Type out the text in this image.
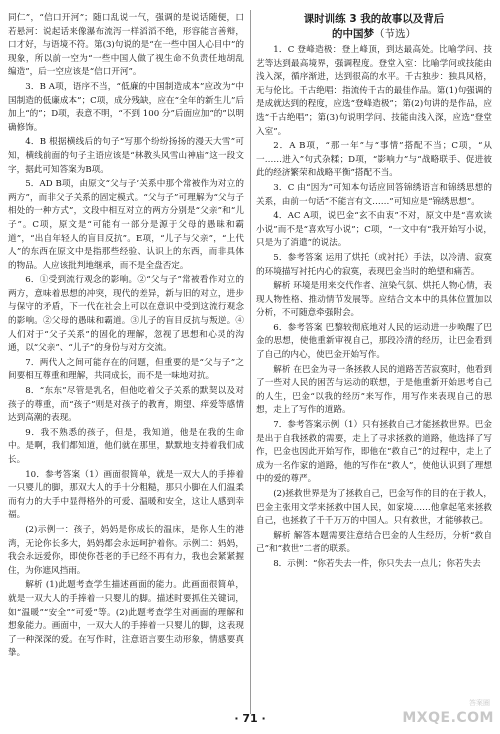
同仁”，“信口开河”；随口乱说一气，强调的是说话随便，口若悬河：说起话来像瀑布流泻一样滔滔不绝，形容能言善辩，口才好，与语境不符。第(3)句说的是“在一些中国人心目中”的现象，所以前一空为“一些中国人做了视生命不负责任地胡乱编造”，后一空应该是“信口开河”。

3．B A项，语序不当，“低廉的中国制造成本”应改为“中国制造的低廉成本”；C项，成分残缺，应在“全年的新生儿”后加上“的”；D项，表意不明，“不到 100 分”后面应加“的”以明确修饰。

4．B 根据横线后的句子“写那个纷纷扬扬的漫天大雪”可知，横线前面的句子主语应该是“林教头风雪山神庙”这一段文字，据此可知答案为B项。

5．AD B项，由原文“父与子’关系中那个常被作为对立的两方”，而非父子关系的固定模式。“父与子”可理解为“父与子相处的一种方式”，文段中相互对立的两方分别是“父亲”和“儿子”。C项，原文是“可能有一部分是源于父母的愚昧和霸道”，“出自年轻人的盲目反抗”。E项，“儿子与父亲”，“上代人”的东西在原文中是指那些经验、认识上的东西，而非具体的物品。人应该批判地继承，而不是全盘否定。

6．①受到流行观念的影响。②“父与子”常被看作对立的两方，意味着思想的冲突，现代的差异，新与旧的对立，进步与保守的矛盾，下一代在社会上可以在意识中受到这流行观念的影响。②父母的愚昧和霸道。③儿子的盲目反抗与叛逆。④人们对于“父子关系”的固化的理解，忽视了思想和心灵的沟通，以“父亲”、“儿子”的身份与对方交流。

7．两代人之间可能存在的问题，但重要的是“父与子”之间要相互尊重和理解，共同成长，而不是一味地对抗。

8．“东东”尽管是乳名，但他吃着父子关系的默契以及对孩子的尊重，而“孩子”则是对孩子的教育，期望、痒爱等感情达到高潮的表现。

9．我不熟悉的孩子，但是，我知道，他是在我的生命中。是啊，我们都知道，他们就在那里，默默地支持着我们成长。

10．参考答案（1）画面很简单，就是一双大人的手捧着一只婴儿的脚，那双大人的手十分粗糙，那只小脚在人们温柔而有力的大手中显得格外的可爱、温暖和安全，这让人感到幸福。

(2)示例一：孩子，妈妈是你成长的温床，是你人生的港湾，无论你长多大，妈妈都会永远呵护着你。示例二：妈妈，我会永远爱你，即使你苍老的手已经不再有力，我也会紧紧握住，为你遮风挡雨。

解析 (1)此题考查学生描述画面的能力。此画面很简单，就是一双大人的手捧着一只婴儿的脚。描述时要抓住关键词，如“温暖”“安全”“可爱”等。(2)此题考查学生对画面的理解和想象能力。画面中，一双大人的手捧着一只婴儿的脚，这表现了一种深深的爱。在写作时，注意语言要生动形象，情感要真挚。

课时训练 3 我的故事以及背后
的中国梦（节选）

1．C 登峰造极：登上峰顶，到达最高处。比喻学问、技艺等达到最高境界，强调程度。登堂入室：比喻学问或技能由浅入深，循序渐进，达到很高的水平。千古独步：独具风格，无与伦比。千古绝唱：指流传千古的最佳作品。第(1)句强调的是成就达到的程度，应选“登峰造极”；第(2)句讲的是作品，应选“千古绝唱”；第(3)句说明学问、技能由浅入深，应选“登堂入室”。

2．A B项，“那一年”与“事情”搭配不当；C项，“从一……进入”句式杂糅；D项，“影响力”与“战略联手、促进彼此的经济繁荣和战略平衡”搭配不当。

3．C 由“因为”可知本句话应回答锦绣语言和锦绣思想的关系，由前一句话“不能言有文……”可知应是“锦绣思想”。

4．AC A项，说巴金“玄不由衷”不对，原文中是“喜欢读小说”而不是“喜欢写小说”；C项，“一文中有“我开始写小说，只是为了消遣”的说法。

5．参考答案 运用了烘托（或衬托）手法，以冷清、寂寞的环境描写衬托内心的寂寞，表现巴金当时的绝望和痛苦。

解析 环境是用来交代作者、渲染气氛、烘托人物心情，表现人物性格、推动情节发展等。应结合文本中的具体位置加以分析，不可随意牵强附会。

6．参考答案 巴黎较彻底地对人民的运动进一步唤醒了巴金的思想，使他重新审视自己，那段冷清的经历，让巴金看到了自己的内心，使巴金开始写作。

解析 在巴金为寻一条拯救人民的道路苦苦寂寞时，他看到了一些对人民的困苦与运动的联想，于是他重新开始思考自己的人生，巴金“以我的经历”来写作，用写作来表现自己的思想，走上了写作的道路。

7．参考答案示例（1）只有拯救自己才能拯救世界。巴金是出于自我拯救的需要，走上了寻求拯救的道路，他选择了写作，巴金也因此开始写作，即他在“救自己”的过程中，走上了成为一名作家的道路，他的写作在“救人”，使他认识到了理想中的爱的尊严。

(2)拯救世界是为了拯救自己，巴金写作的目的在于救人，巴金主张用文学来拯救中国人民，如家境……他拿起笔来拯救自己，也拯救了千千万万的中国人。只有救世，才能够救己。

解析 解答本题需要注意结合巴金的人生经历，分析“救自己”和“救世”二者的联系。

8．示例：“你若失去一件，你只失去一点儿；你若失去

· 71 ·
答案圈
MXQE.COM
